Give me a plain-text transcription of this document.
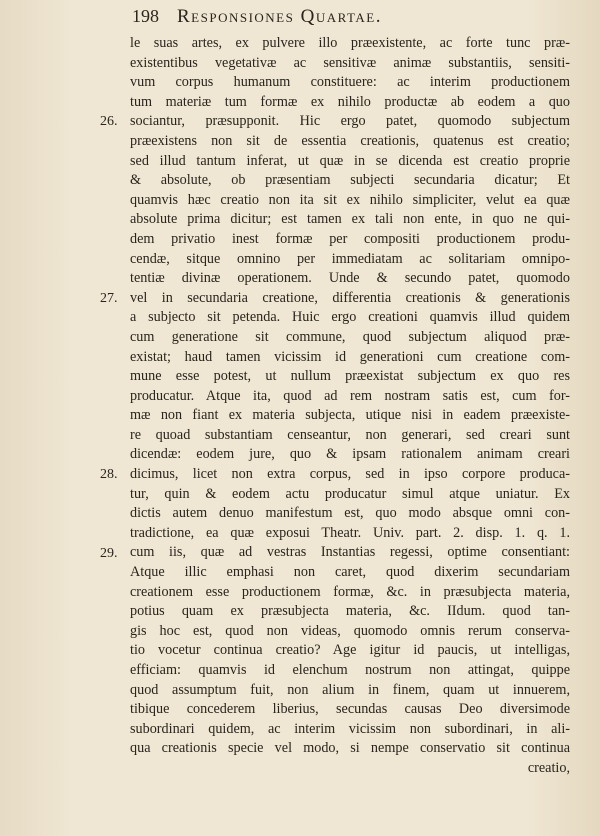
198 Responsiones Quartae.
26.
27.
28.
29.
le suas artes, ex pulvere illo præexistente, ac forte tunc præ-
existentibus vegetativæ ac sensitivæ animæ substantiis, sensiti-
vum corpus humanum constituere: ac interim productionem
tum materiæ tum formæ ex nihilo productæ ab eodem a quo
sociantur, præsupponit. Hic ergo patet, quomodo subjectum
præexistens non sit de essentia creationis, quatenus est creatio;
sed illud tantum inferat, ut quæ in se dicenda est creatio proprie
& absolute, ob præsentiam subjecti secundaria dicatur; Et
quamvis hæc creatio non ita sit ex nihilo simpliciter, velut ea quæ
absolute prima dicitur; est tamen ex tali non ente, in quo ne qui-
dem privatio inest formæ per compositi productionem produ-
cendæ, sitque omnino per immediatam ac solitariam omnipo-
tentiæ divinæ operationem. Unde & secundo patet, quomodo
vel in secundaria creatione, differentia creationis & generationis
a subjecto sit petenda. Huic ergo creationi quamvis illud quidem
cum generatione sit commune, quod subjectum aliquod præ-
existat; haud tamen vicissim id generationi cum creatione com-
mune esse potest, ut nullum præexistat subjectum ex quo res
producatur. Atque ita, quod ad rem nostram satis est, cum for-
mæ non fiant ex materia subjecta, utique nisi in eadem præexiste-
re quoad substantiam censeantur, non generari, sed creari sunt
dicendæ: eodem jure, quo & ipsam rationalem animam creari
dicimus, licet non extra corpus, sed in ipso corpore produca-
tur, quin & eodem actu producatur simul atque uniatur. Ex
dictis autem denuo manifestum est, quo modo absque omni con-
tradictione, ea quæ exposui Theatr. Univ. part. 2. disp. 1. q. 1.
cum iis, quæ ad vestras Instantias regessi, optime consentiant:
Atque illic emphasi non caret, quod dixerim secundariam
creationem esse productionem formæ, &c. in præsubjecta materia,
potius quam ex præsubjecta materia, &c. IIdum. quod tan-
gis hoc est, quod non videas, quomodo omnis rerum conserva-
tio vocetur continua creatio? Age igitur id paucis, ut intelligas,
efficiam: quamvis id elenchum nostrum non attingat, quippe
quod assumptum fuit, non alium in finem, quam ut innuerem,
tibique concederem liberius, secundas causas Deo diversimode
subordinari quidem, ac interim vicissim non subordinari, in ali-
qua creationis specie vel modo, si nempe conservatio sit continua
creatio,
